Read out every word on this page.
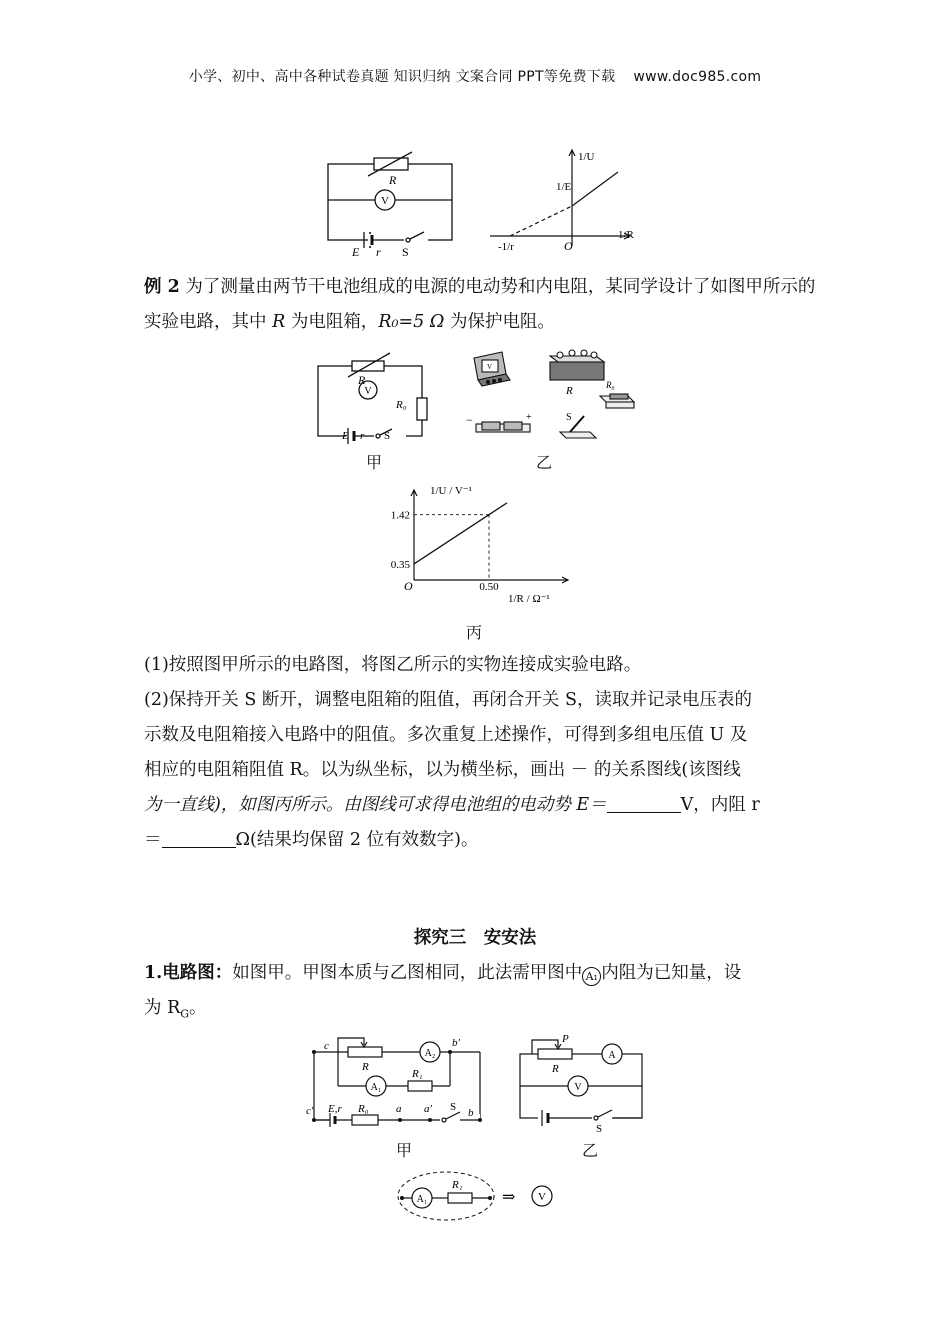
小学、初中、高中各种试卷真题 知识归纳 文案合同 PPT等免费下载 www.doc985.com
R
V
E r S
1/U
1/E
1/R
-1/r	O
例 2 为了测量由两节干电池组成的电源的电动势和内电阻，某同学设计了如图甲所示的实验电路，其中 R 为电阻箱，R₀=5 Ω 为保护电阻。
R
V
R₀
E r S
甲
V
R	R₀
−	+	S
乙
1.42
0.35
0.50
O
1/U / V⁻¹
1/R / Ω⁻¹
丙
(1)按照图甲所示的电路图，将图乙所示的实物连接成实验电路。
(2)保持开关 S 断开，调整电阻箱的阻值，再闭合开关 S，读取并记录电压表的
示数及电阻箱接入电路中的阻值。多次重复上述操作，可得到多组电压值 U 及
相应的电阻箱阻值 R。以为纵坐标，以为横坐标，画出 － 的关系图线(该图线
为一直线)，如图丙所示。由图线可求得电池组的电动势 E＝	V，内阻 r
＝	Ω(结果均保留 2 位有效数字)。
探究三　安安法
1.电路图：如图甲。甲图本质与乙图相同，此法需甲图中 A₁ 内阻为已知量，设
为 $R_G$。
c	b′
R
A₂
A₁
R₁
c′ E,r R₀ a a′ S b
甲
P
R
A
V
S
乙
A₁
R₁
⇒ V
